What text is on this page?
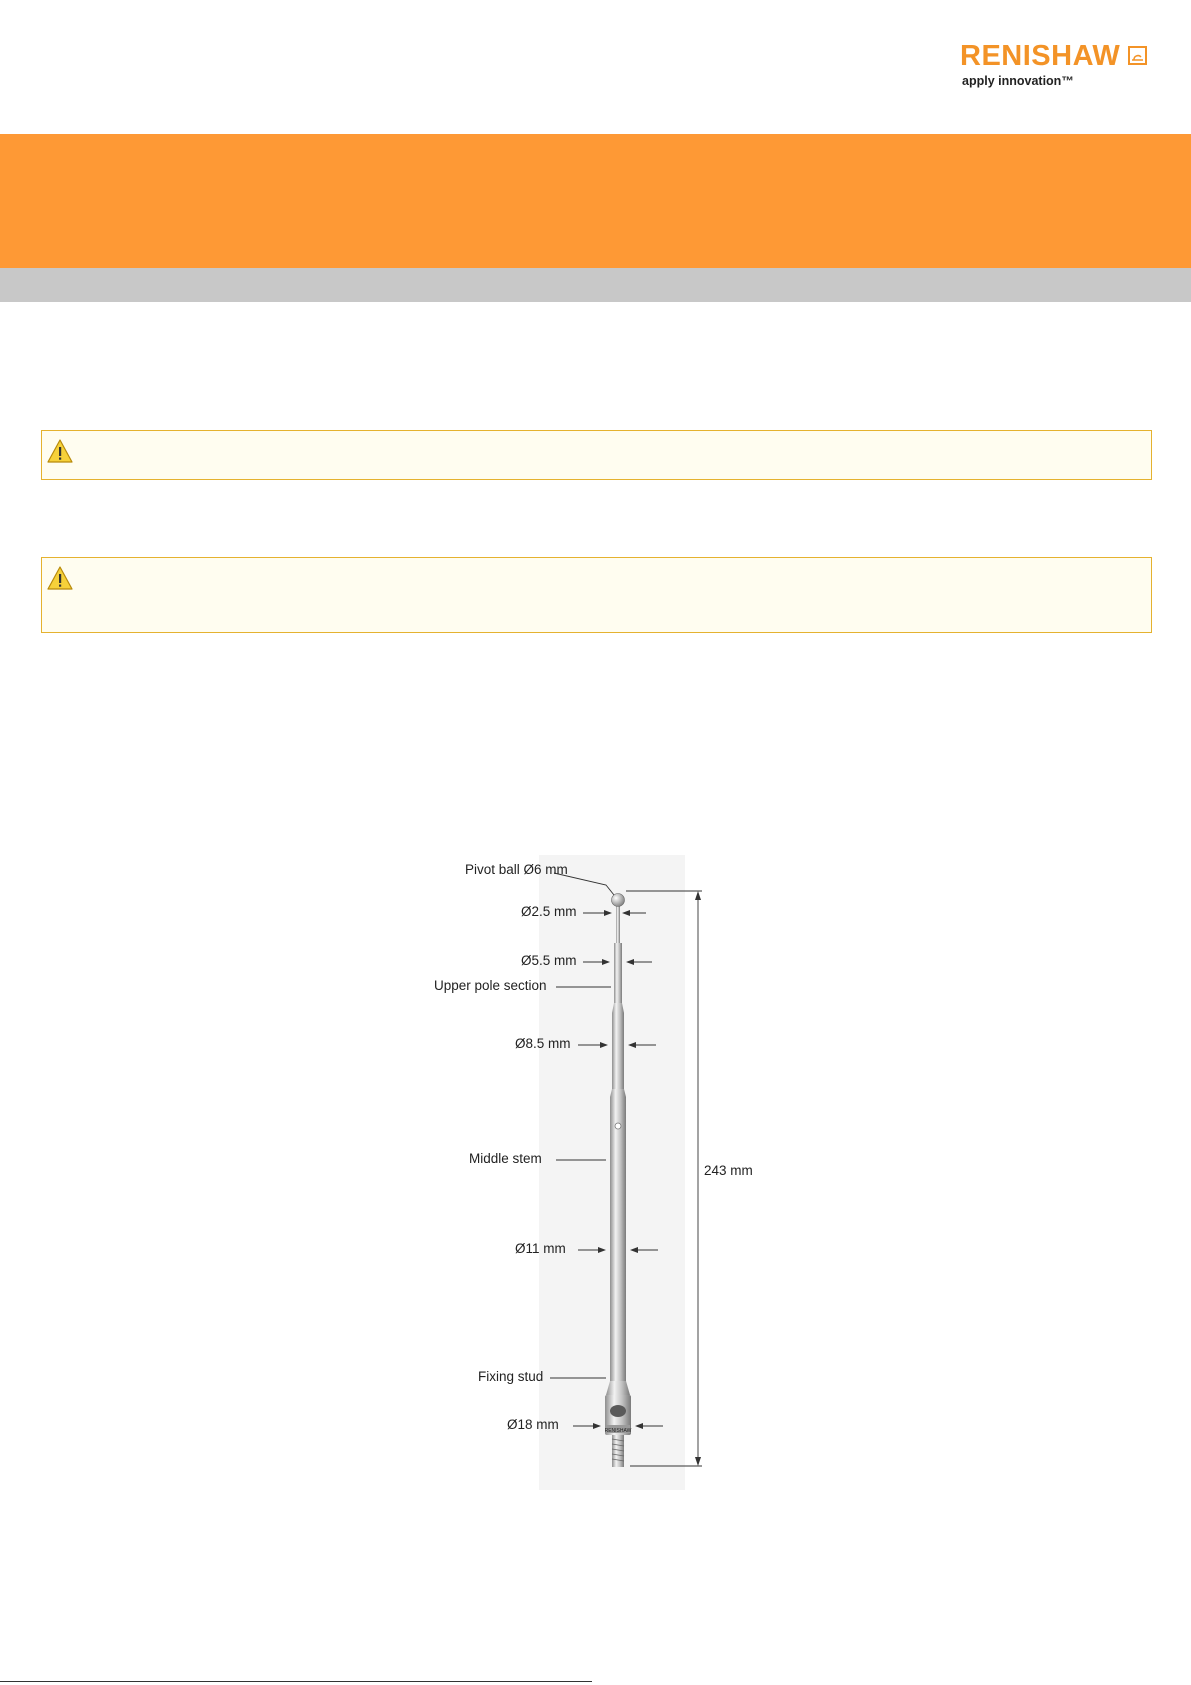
RENISHAW
apply innovation™
RENISHAW
Pivot ball Ø6 mm
Ø2.5 mm
Ø5.5 mm
Upper pole section
Ø8.5 mm
Middle stem
243 mm
Ø11 mm
Fixing stud
Ø18 mm
